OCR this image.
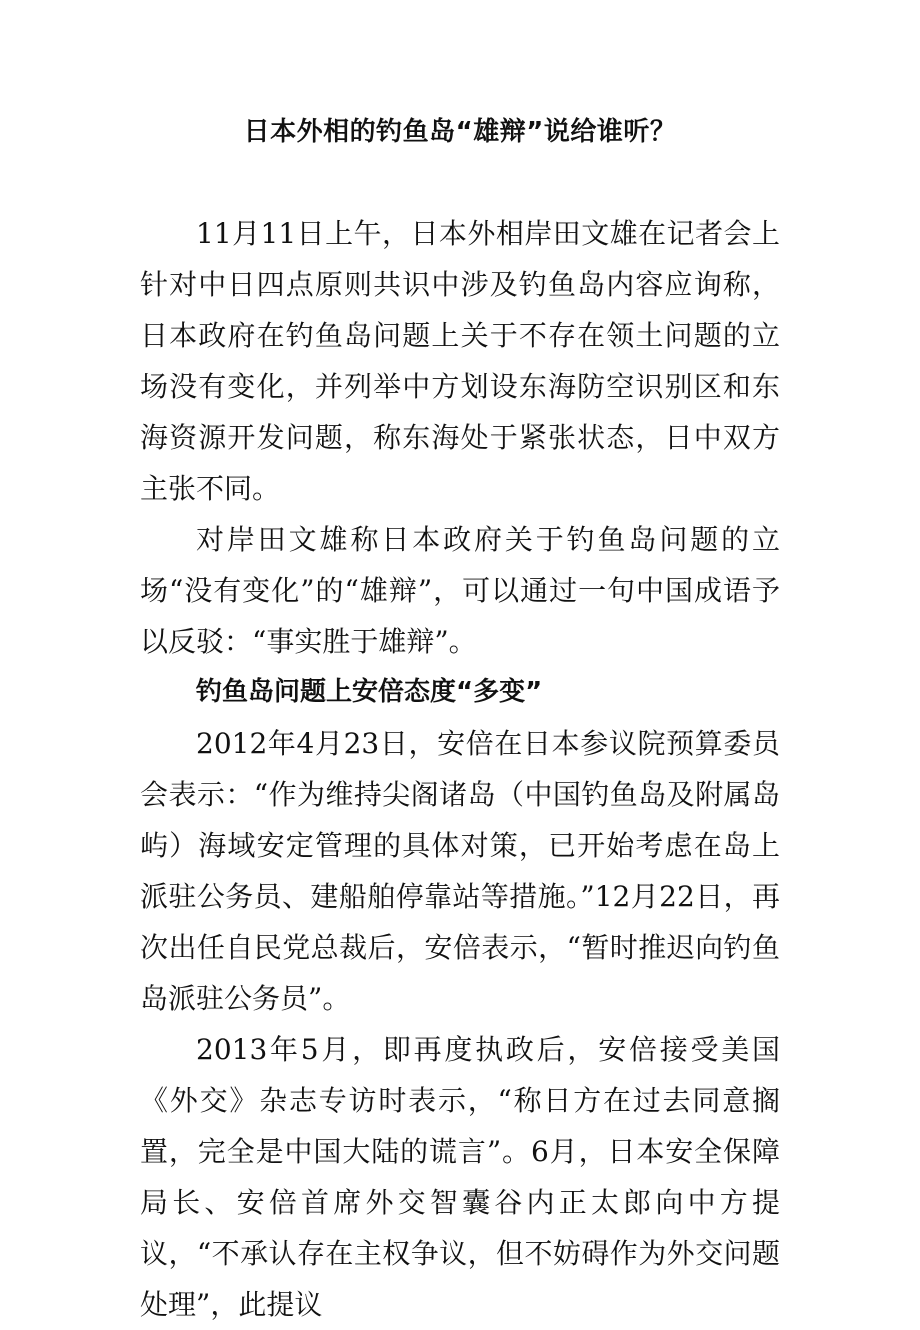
日本外相的钓鱼岛“雄辩”说给谁听？

11月11日上午，日本外相岸田文雄在记者会上针对中日四点原则共识中涉及钓鱼岛内容应询称，日本政府在钓鱼岛问题上关于不存在领土问题的立场没有变化，并列举中方划设东海防空识别区和东海资源开发问题，称东海处于紧张状态，日中双方主张不同。

对岸田文雄称日本政府关于钓鱼岛问题的立场“没有变化”的“雄辩”，可以通过一句中国成语予以反驳：“事实胜于雄辩”。

钓鱼岛问题上安倍态度“多变”

2012年4月23日，安倍在日本参议院预算委员会表示：“作为维持尖阁诸岛（中国钓鱼岛及附属岛屿）海域安定管理的具体对策，已开始考虑在岛上派驻公务员、建船舶停靠站等措施。”12月22日，再次出任自民党总裁后，安倍表示，“暂时推迟向钓鱼岛派驻公务员”。

2013年5月，即再度执政后，安倍接受美国《外交》杂志专访时表示，“称日方在过去同意搁置，完全是中国大陆的谎言”。6月，日本安全保障局长、安倍首席外交智囊谷内正太郎向中方提议，“不承认存在主权争议，但不妨碍作为外交问题处理”，此提议
